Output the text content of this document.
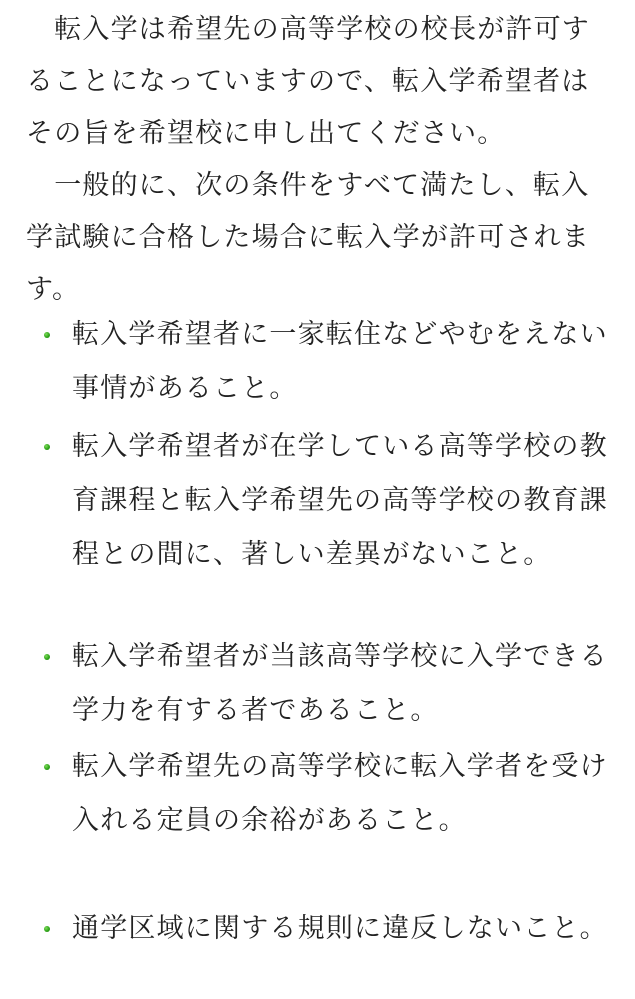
　転入学は希望先の高等学校の校長が許可することになっていますので、転入学希望者はその旨を希望校に申し出てください。

　一般的に、次の条件をすべて満たし、転入学試験に合格した場合に転入学が許可されます。

転入学希望者に一家転住などやむをえない事情があること。
転入学希望者が在学している高等学校の教育課程と転入学希望先の高等学校の教育課程との間に、著しい差異がないこと。
転入学希望者が当該高等学校に入学できる学力を有する者であること。
転入学希望先の高等学校に転入学者を受け入れる定員の余裕があること。
通学区域に関する規則に違反しないこと。
